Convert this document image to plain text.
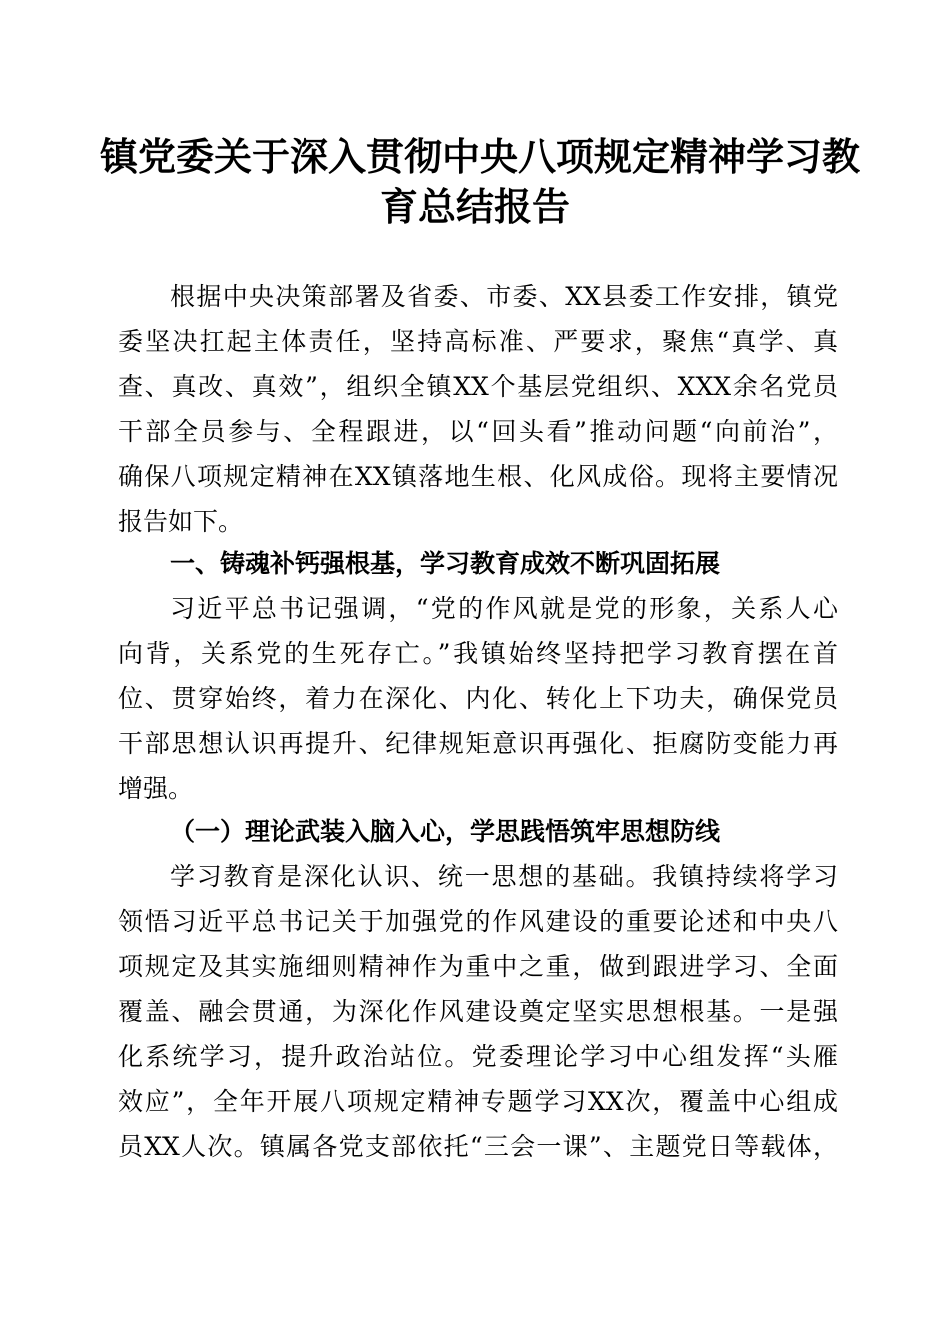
镇党委关于深入贯彻中央八项规定精神学习教
育总结报告
根据中央决策部署及省委、市委、XX县委工作安排，镇党
委坚决扛起主体责任，坚持高标准、严要求，聚焦“真学、真
查、真改、真效”，组织全镇XX个基层党组织、XXX余名党员
干部全员参与、全程跟进，以“回头看”推动问题“向前治”，
确保八项规定精神在XX镇落地生根、化风成俗。现将主要情况
报告如下。
一、铸魂补钙强根基，学习教育成效不断巩固拓展
习近平总书记强调，“党的作风就是党的形象，关系人心
向背，关系党的生死存亡。”我镇始终坚持把学习教育摆在首
位、贯穿始终，着力在深化、内化、转化上下功夫，确保党员
干部思想认识再提升、纪律规矩意识再强化、拒腐防变能力再
增强。
（一）理论武装入脑入心，学思践悟筑牢思想防线
学习教育是深化认识、统一思想的基础。我镇持续将学习
领悟习近平总书记关于加强党的作风建设的重要论述和中央八
项规定及其实施细则精神作为重中之重，做到跟进学习、全面
覆盖、融会贯通，为深化作风建设奠定坚实思想根基。一是强
化系统学习，提升政治站位。党委理论学习中心组发挥“头雁
效应”，全年开展八项规定精神专题学习XX次，覆盖中心组成
员XX人次。镇属各党支部依托“三会一课”、主题党日等载体，
